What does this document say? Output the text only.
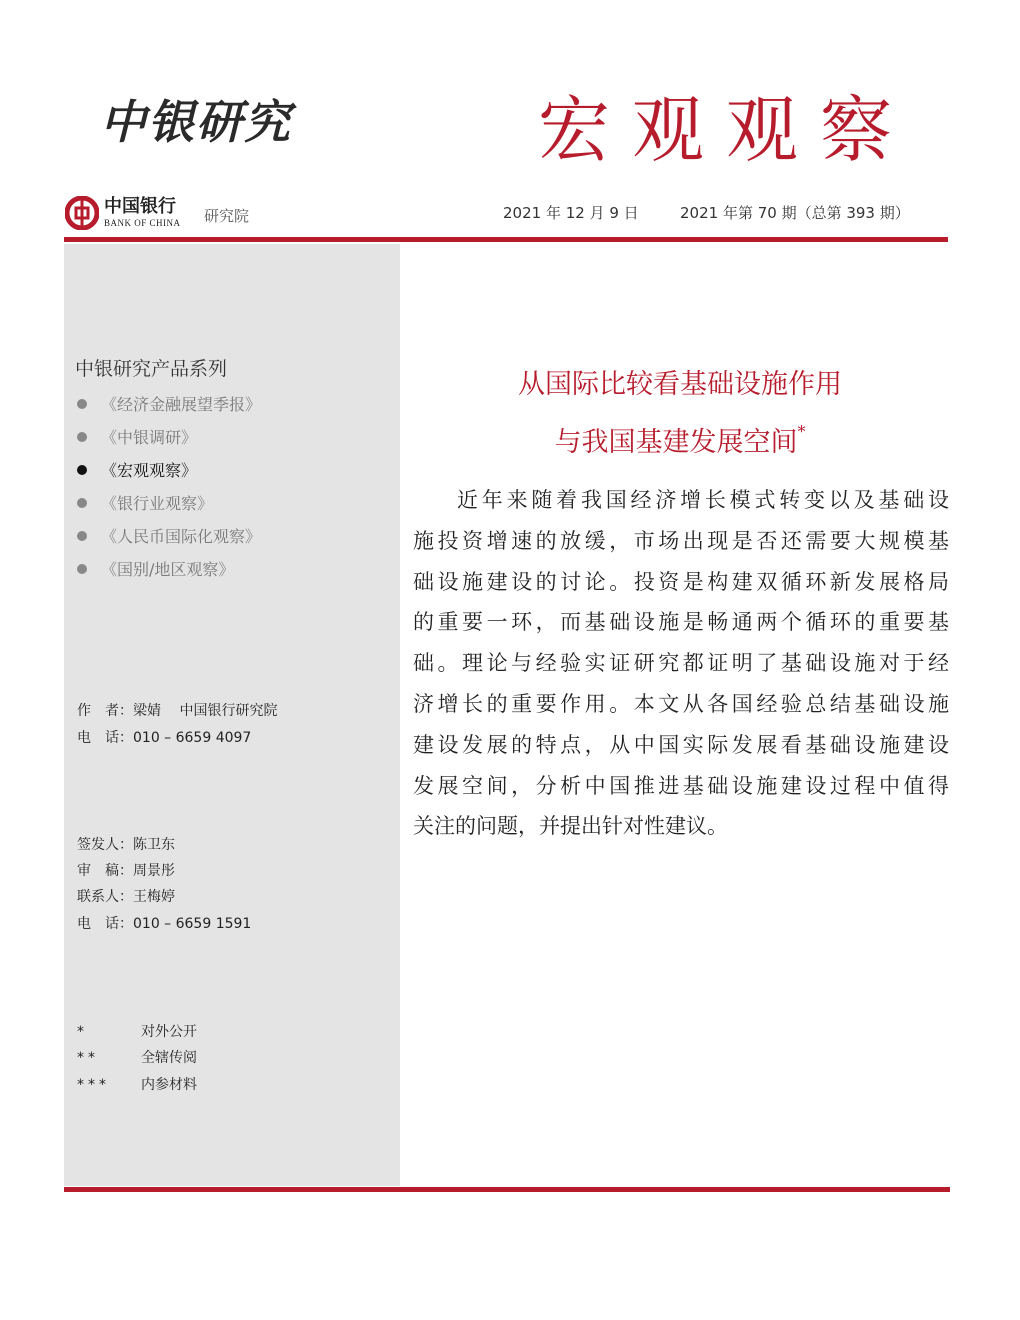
中银研究	宏观观察
中国银行
BANK OF CHINA 研究院	2021 年 12 月 9 日	2021 年第 70 期（总第 393 期）
中银研究产品系列
《经济金融展望季报》
《中银调研》
《宏观观察》
《银行业观察》
《人民币国际化观察》
《国别/地区观察》
作　者：梁婧　 中国银行研究院
电　话：010 – 6659 4097
签发人：陈卫东
审　稿：周景彤
联系人：王梅婷
电　话：010 – 6659 1591
*	对外公开
**	全辖传阅
*** 内参材料
从国际比较看基础设施作用
与我国基建发展空间*
近年来随着我国经济增长模式转变以及基础设
施投资增速的放缓，市场出现是否还需要大规模基
础设施建设的讨论。投资是构建双循环新发展格局
的重要一环，而基础设施是畅通两个循环的重要基
础。理论与经验实证研究都证明了基础设施对于经
济增长的重要作用。本文从各国经验总结基础设施
建设发展的特点，从中国实际发展看基础设施建设
发展空间，分析中国推进基础设施建设过程中值得
关注的问题，并提出针对性建议。
